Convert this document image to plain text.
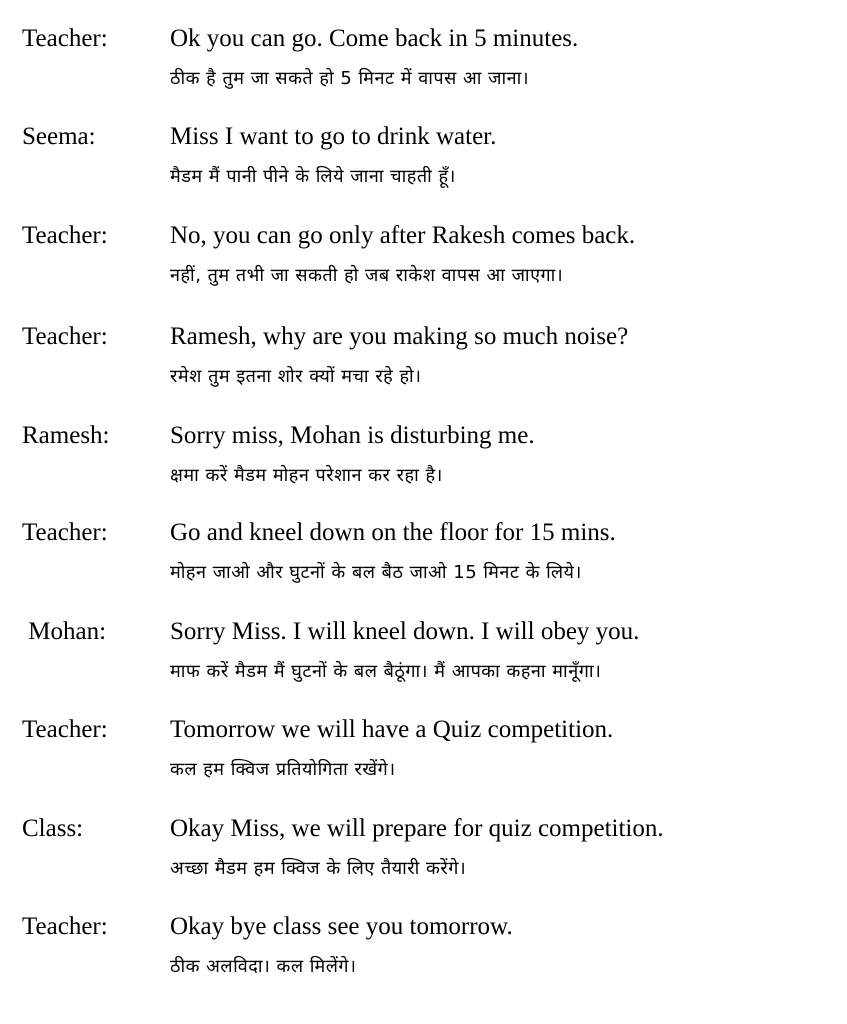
Teacher: Ok you can go. Come back in 5 minutes.
ठीक है तुम जा सकते हो 5 मिनट में वापस आ जाना।
Seema:	Miss I want to go to drink water.
मैडम मैं पानी पीने के लिये जाना चाहती हूँ।
Teacher: No, you can go only after Rakesh comes back.
नहीं, तुम तभी जा सकती हो जब राकेश वापस आ जाएगा।
Teacher: Ramesh, why are you making so much noise?
रमेश तुम इतना शोर क्यों मचा रहे हो।
Ramesh: Sorry miss, Mohan is disturbing me.
क्षमा करें मैडम मोहन परेशान कर रहा है।
Teacher: Go and kneel down on the floor for 15 mins.
मोहन जाओ और घुटनों के बल बैठ जाओ 15 मिनट के लिये।
Mohan:	Sorry Miss. I will kneel down. I will obey you.
माफ करें मैडम मैं घुटनों के बल बैठूंगा। मैं आपका कहना मानूँगा।
Teacher: Tomorrow we will have a Quiz competition.
कल हम क्विज प्रतियोगिता रखेंगे।
Class:	Okay Miss, we will prepare for quiz competition.
अच्छा मैडम हम क्विज के लिए तैयारी करेंगे।
Teacher: Okay bye class see you tomorrow.
ठीक अलविदा। कल मिलेंगे।
